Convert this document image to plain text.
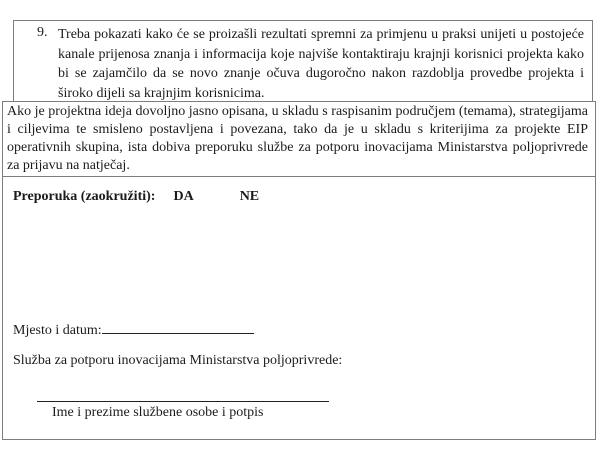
9. Treba pokazati kako će se proizašli rezultati spremni za primjenu u praksi unijeti u postojeće kanale prijenosa znanja i informacija koje najviše kontaktiraju krajnji korisnici projekta kako bi se zajamčilo da se novo znanje očuva dugoročno nakon razdoblja provedbe projekta i široko dijeli sa krajnjim korisnicima.
Ako je projektna ideja dovoljno jasno opisana, u skladu s raspisanim područjem (temama), strategijama i ciljevima te smisleno postavljena i povezana, tako da je u skladu s kriterijima za projekte EIP operativnih skupina, ista dobiva preporuku službe za potporu inovacijama Ministarstva poljoprivrede za prijavu na natječaj.
Preporuka (zaokružiti): DA	NE
Mjesto i datum:
Služba za potporu inovacijama Ministarstva poljoprivrede:
Ime i prezime službene osobe i potpis
